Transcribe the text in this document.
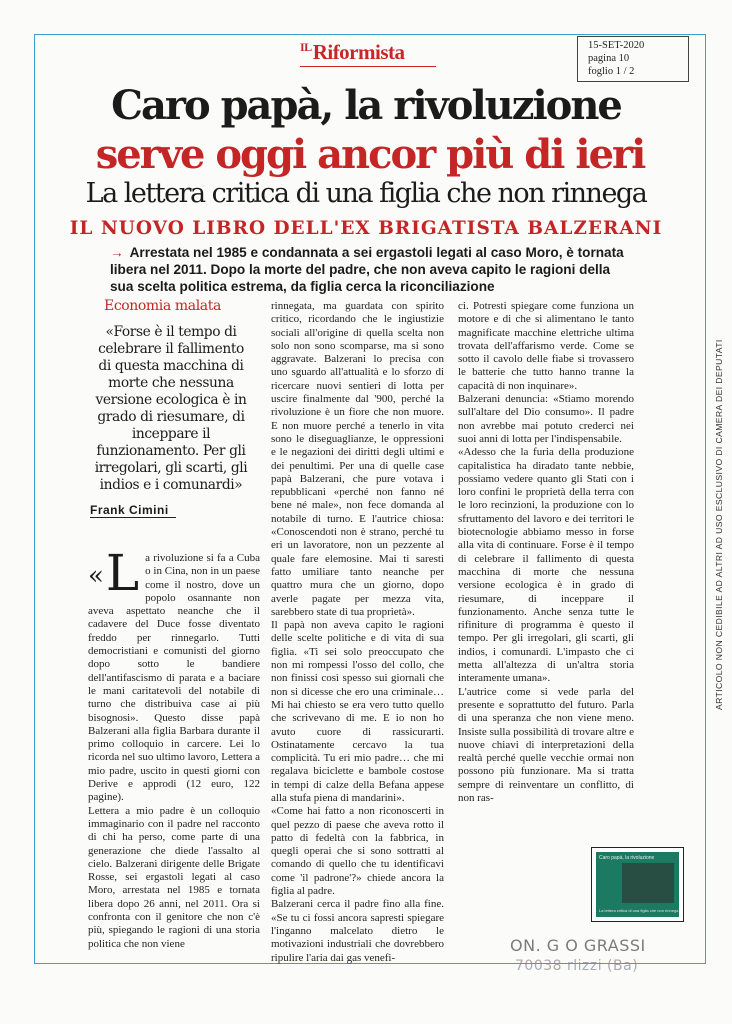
$^{IL}$Riformista	15-SET-2020
pagina 10
foglio 1 / 2
Caro papà, la rivoluzione
serve oggi ancor più di ieri
La lettera critica di una figlia che non rinnega
IL NUOVO LIBRO DELL'EX BRIGATISTA BALZERANI
→ Arrestata nel 1985 e condannata a sei ergastoli legati al caso Moro, è tornata libera nel 2011. Dopo la morte del padre, che non aveva capito le ragioni della sua scelta politica estrema, da figlia cerca la riconciliazione
Economia malata
«Forse è il tempo di celebrare il fallimento di questa macchina di morte che nessuna versione ecologica è in grado di riesumare, di inceppare il funzionamento. Per gli irregolari, gli scarti, gli indios e i comunardi»
Frank Cimini

«L a rivoluzione si fa a Cuba o in Cina, non in un paese come il nostro, dove un popolo osannante non aveva aspettato neanche che il cadavere del Duce fosse diventato freddo per rinnegarlo. Tutti democristiani e comunisti del giorno dopo sotto le bandiere dell'antifascismo di parata e a baciare le mani caritatevoli del notabile di turno che distribuiva case ai più bisognosi». Questo disse papà Balzerani alla figlia Barbara durante il primo colloquio in carcere. Lei lo ricorda nel suo ultimo lavoro, Lettera a mio padre, uscito in questi giorni con Derive e approdi (12 euro, 122 pagine).

Lettera a mio padre è un colloquio immaginario con il padre nel racconto di chi ha perso, come parte di una generazione che diede l'assalto al cielo. Balzerani dirigente delle Brigate Rosse, sei ergastoli legati al caso Moro, arrestata nel 1985 e tornata libera dopo 26 anni, nel 2011. Ora si confronta con il genitore che non c'è più, spiegando le ragioni di una storia politica che non viene

rinnegata, ma guardata con spirito critico, ricordando che le ingiustizie sociali all'origine di quella scelta non solo non sono scomparse, ma si sono aggravate. Balzerani lo precisa con uno sguardo all'attualità e lo sforzo di ricercare nuovi sentieri di lotta per uscire finalmente dal '900, perché la rivoluzione è un fiore che non muore. E non muore perché a tenerlo in vita sono le diseguaglianze, le oppressioni e le negazioni dei diritti degli ultimi e dei penultimi. Per una di quelle case papà Balzerani, che pure votava i repubblicani «perché non fanno né bene né male», non fece domanda al notabile di turno. E l'autrice chiosa: «Conoscendoti non è strano, perché tu eri un lavoratore, non un pezzente al quale fare elemosine. Mai ti saresti fatto umiliare tanto neanche per quattro mura che un giorno, dopo averle pagate per mezza vita, sarebbero state di tua proprietà».

Il papà non aveva capito le ragioni delle scelte politiche e di vita di sua figlia. «Ti sei solo preoccupato che non mi rompessi l'osso del collo, che non finissi così spesso sui giornali che non si dicesse che ero una criminale… Mi hai chiesto se era vero tutto quello che scrivevano di me. E io non ho avuto cuore di rassicurarti. Ostinatamente cercavo la tua complicità. Tu eri mio padre… che mi regalava biciclette e bambole costose in tempi di calze della Befana appese alla stufa piena di mandarini».

«Come hai fatto a non riconoscerti in quel pezzo di paese che aveva rotto il patto di fedeltà con la fabbrica, in quegli operai che si sono sottratti al comando di quello che tu identificavi come 'il padrone'?» chiede ancora la figlia al padre.

Balzerani cerca il padre fino alla fine. «Se tu ci fossi ancora sapresti spiegare l'inganno malcelato dietro le motivazioni industriali che dovrebbero ripulire l'aria dai gas venefi-

ci. Potresti spiegare come funziona un motore e di che si alimentano le tanto magnificate macchine elettriche ultima trovata dell'affarismo verde. Come se sotto il cavolo delle fiabe si trovassero le batterie che tutto hanno tranne la capacità di non inquinare».

Balzerani denuncia: «Stiamo morendo sull'altare del Dio consumo». Il padre non avrebbe mai potuto crederci nei suoi anni di lotta per l'indispensabile.

«Adesso che la furia della produzione capitalistica ha diradato tante nebbie, possiamo vedere quanto gli Stati con i loro confini le proprietà della terra con le loro recinzioni, la produzione con lo sfruttamento del lavoro e dei territori le biotecnologie abbiamo messo in forse alla vita di continuare. Forse è il tempo di celebrare il fallimento di questa macchina di morte che nessuna versione ecologica è in grado di riesumare, di inceppare il funzionamento. Anche senza tutte le rifiniture di programma è questo il tempo. Per gli irregolari, gli scarti, gli indios, i comunardi. L'impasto che ci metta all'altezza di un'altra storia interamente umana».

L'autrice come si vede parla del presente e soprattutto del futuro. Parla di una speranza che non viene meno. Insiste sulla possibilità di trovare altre e nuove chiavi di interpretazioni della realtà perché quelle vecchie ormai non possono più funzionare. Ma si tratta sempre di reinventare un conflitto, di non ras-

ARTICOLO NON CEDIBILE AD ALTRI AD USO ESCLUSIVO DI CAMERA DEI DEPUTATI
Caro papà, la rivoluzione
La lettera critica di una figlia che non rinnega
ON. G O GRASSI
70038 rlizzi (Ba)
